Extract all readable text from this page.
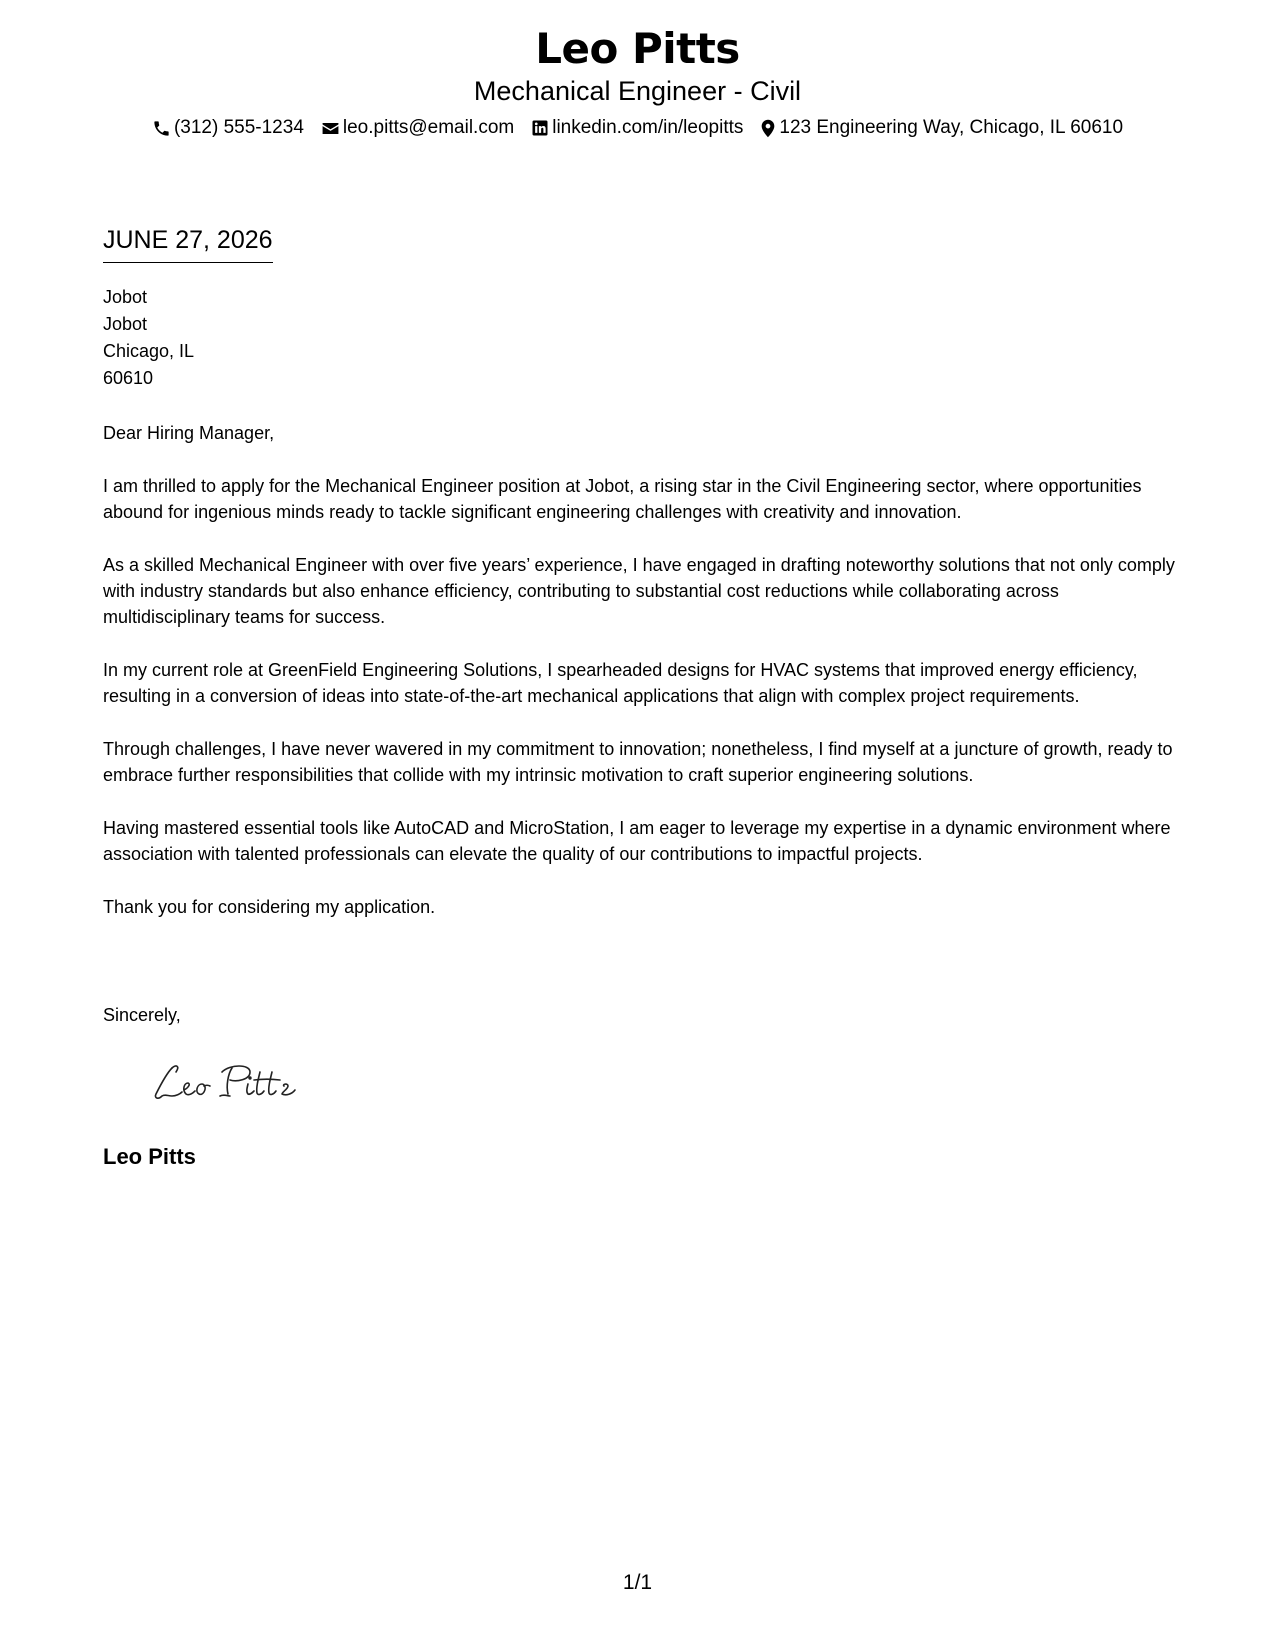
Leo Pitts
Mechanical Engineer - Civil
(312) 555-1234 leo.pitts@email.com linkedin.com/in/leopitts 123 Engineering Way, Chicago, IL 60610
JUNE 27, 2026
Jobot
Jobot
Chicago, IL
60610

Dear Hiring Manager,

I am thrilled to apply for the Mechanical Engineer position at Jobot, a rising star in the Civil Engineering sector, where opportunities abound for ingenious minds ready to tackle significant engineering challenges with creativity and innovation.

As a skilled Mechanical Engineer with over five years’ experience, I have engaged in drafting noteworthy solutions that not only comply with industry standards but also enhance efficiency, contributing to substantial cost reductions while collaborating across multidisciplinary teams for success.

In my current role at GreenField Engineering Solutions, I spearheaded designs for HVAC systems that improved energy efficiency, resulting in a conversion of ideas into state-of-the-art mechanical applications that align with complex project requirements.

Through challenges, I have never wavered in my commitment to innovation; nonetheless, I find myself at a juncture of growth, ready to embrace further responsibilities that collide with my intrinsic motivation to craft superior engineering solutions.

Having mastered essential tools like AutoCAD and MicroStation, I am eager to leverage my expertise in a dynamic environment where association with talented professionals can elevate the quality of our contributions to impactful projects.

Thank you for considering my application.

Sincerely,
Leo Pitts
1/1
